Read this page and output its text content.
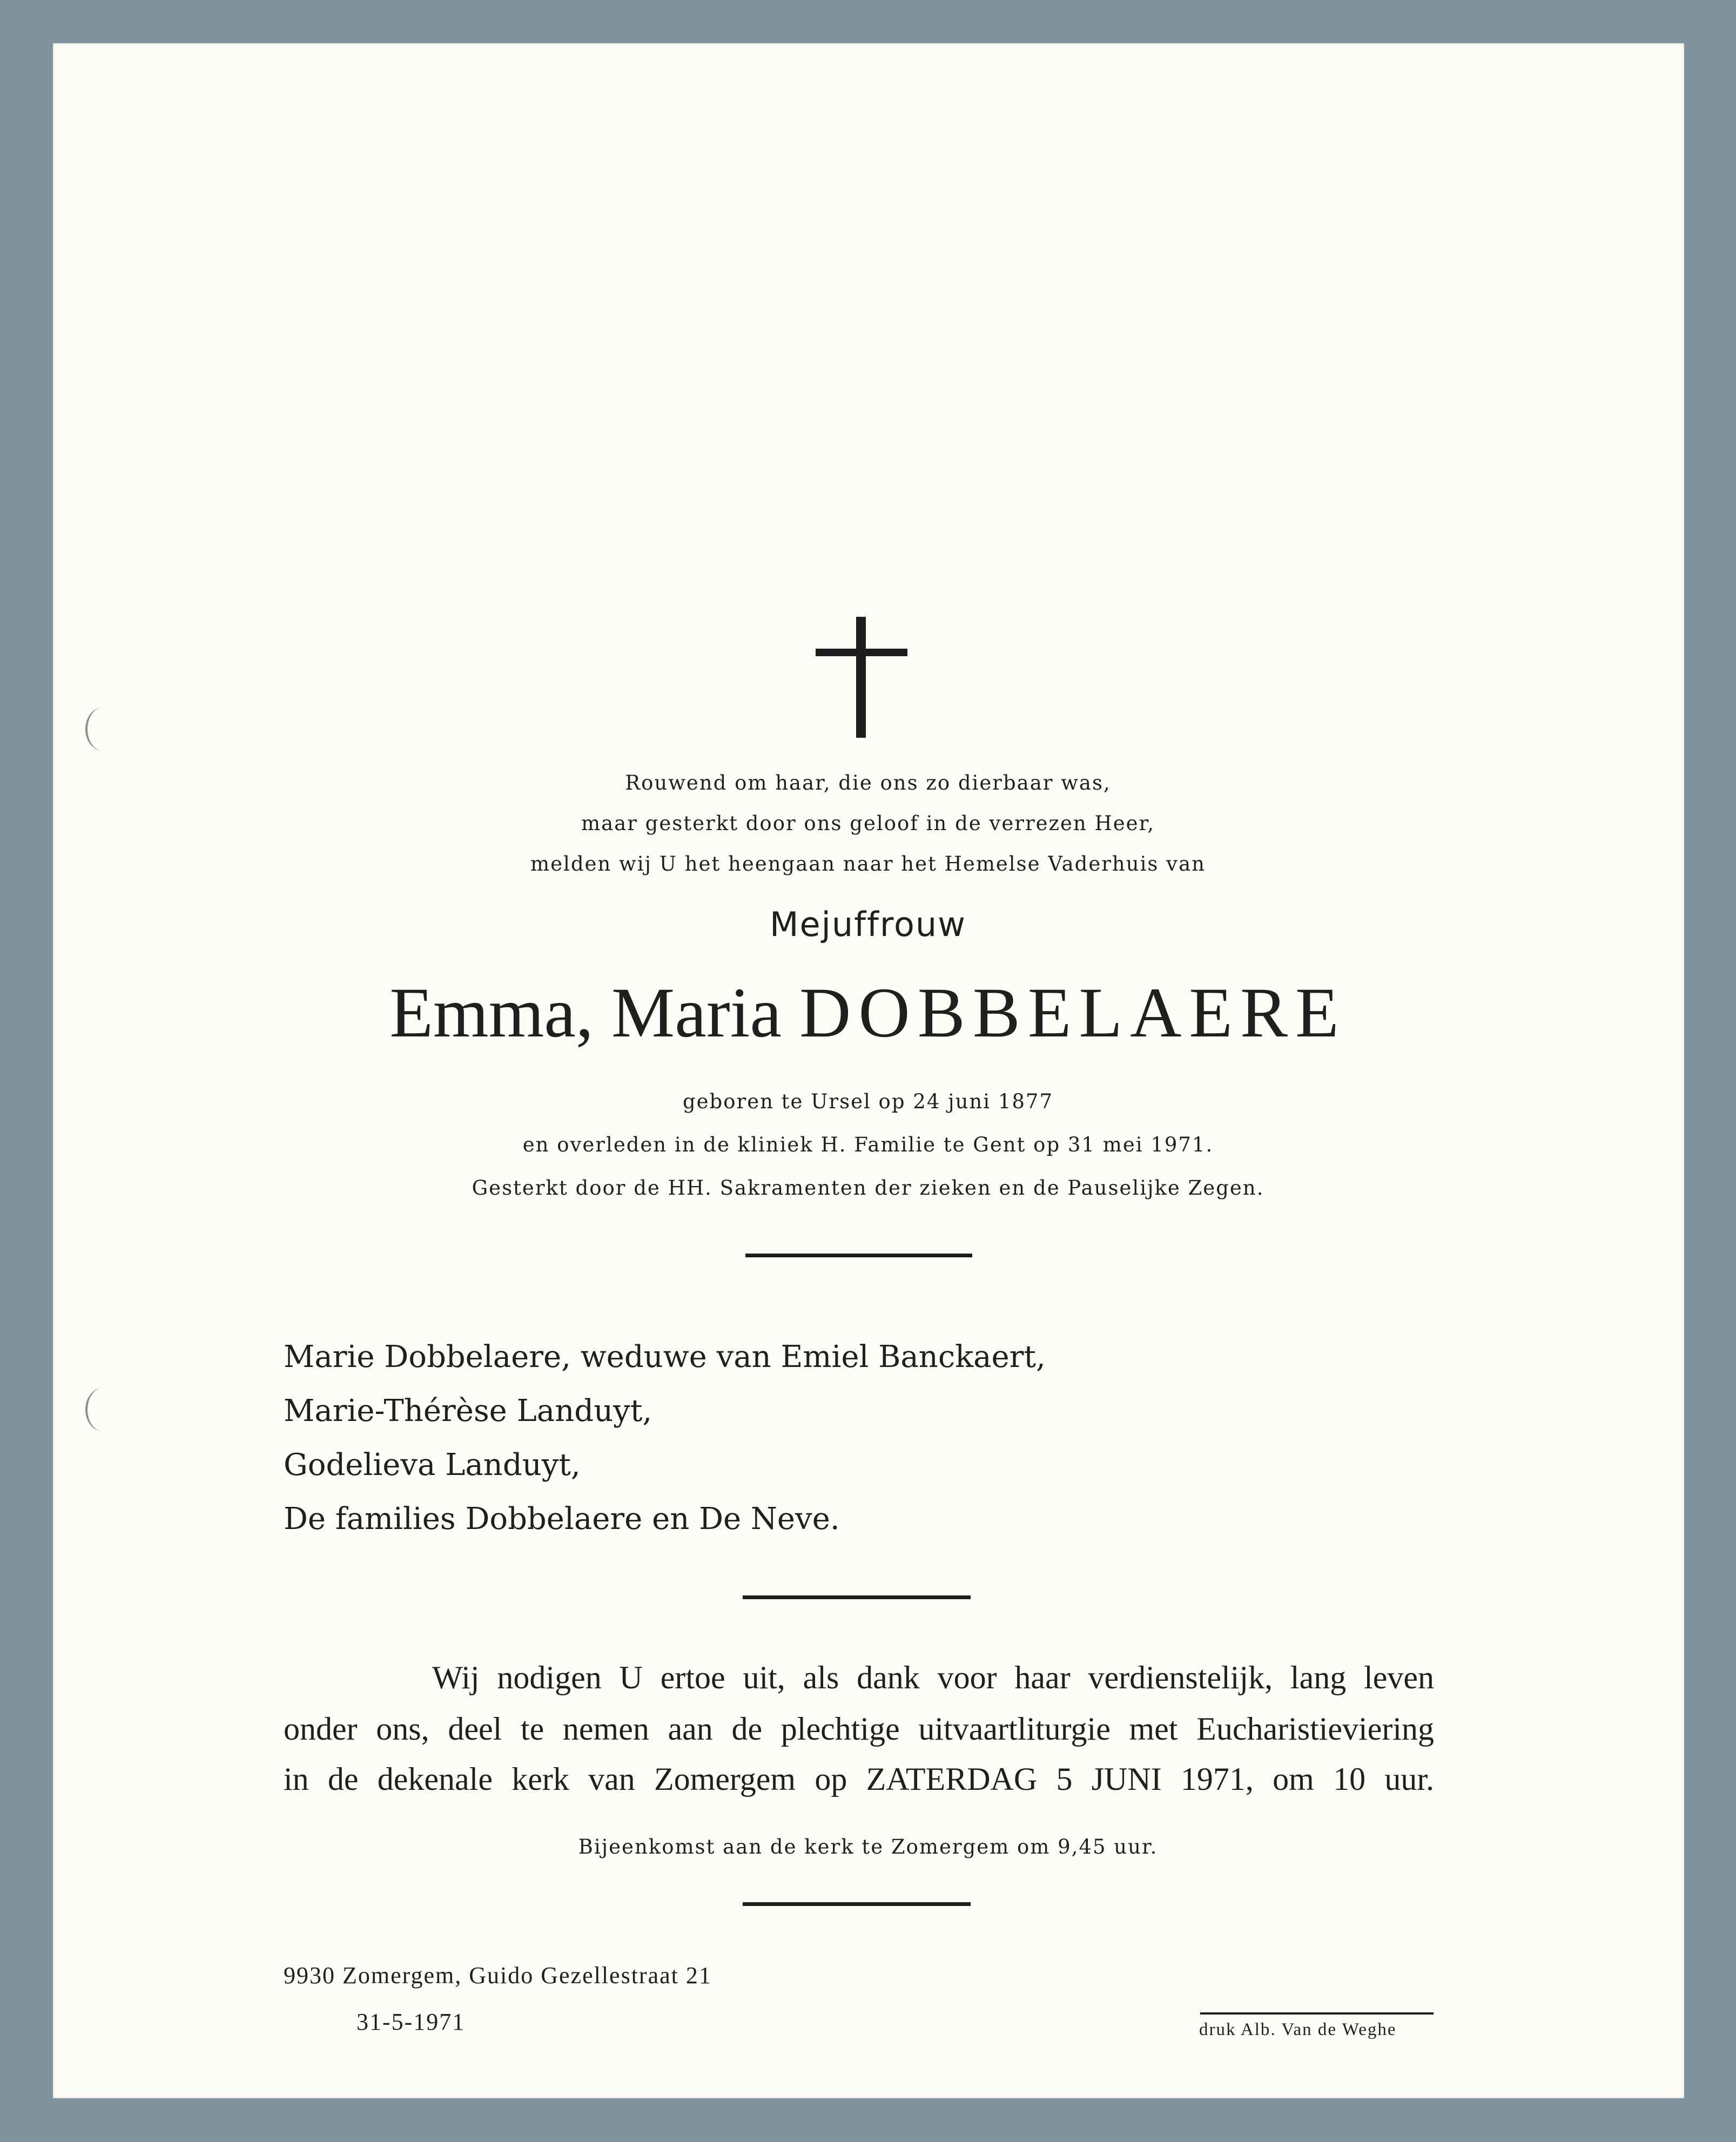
Rouwend om haar, die ons zo dierbaar was,
maar gesterkt door ons geloof in de verrezen Heer,
melden wij U het heengaan naar het Hemelse Vaderhuis van
Mejuffrouw
Emma, Maria DOBBELAERE
geboren te Ursel op 24 juni 1877
en overleden in de kliniek H. Familie te Gent op 31 mei 1971.
Gesterkt door de HH. Sakramenten der zieken en de Pauselijke Zegen.
Marie Dobbelaere, weduwe van Emiel Banckaert,
Marie-Thérèse Landuyt,
Godelieva Landuyt,
De families Dobbelaere en De Neve.
Wij nodigen U ertoe uit, als dank voor haar verdienstelijk, lang leven
onder ons, deel te nemen aan de plechtige uitvaartliturgie met Eucharistieviering
in de dekenale kerk van Zomergem op ZATERDAG 5 JUNI 1971, om 10 uur.
Bijeenkomst aan de kerk te Zomergem om 9,45 uur.
9930 Zomergem, Guido Gezellestraat 21
31-5-1971	druk Alb. Van de Weghe
